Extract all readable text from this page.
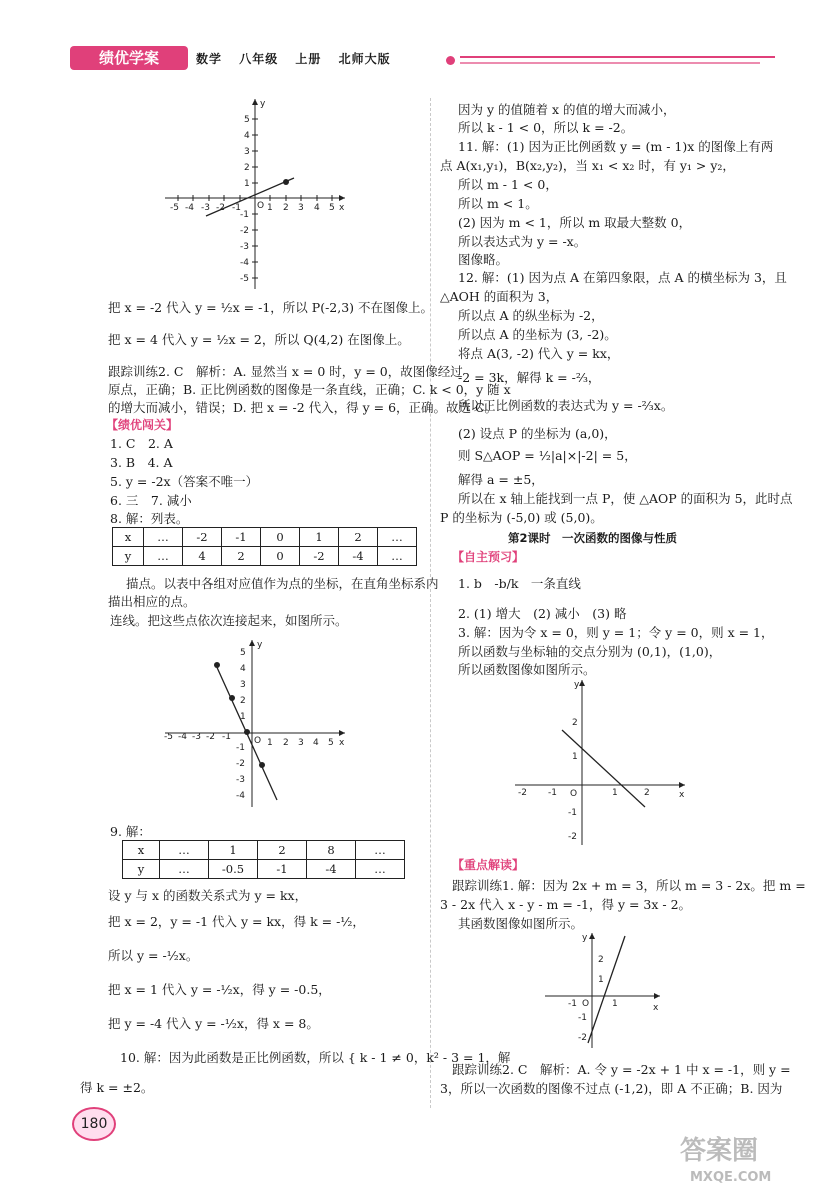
绩优学案	数学 八年级 上册 北师大版
-5 -4 -3 -2 -1	1 2 3 4 5
5
4
3
2
1
-1
-2
-3
-4
-5
O	x
y
把 x = -2 代入 y = ½x = -1，所以 P(-2,3) 不在图像上。
把 x = 4 代入 y = ½x = 2，所以 Q(4,2) 在图像上。
跟踪训练2. C　解析：A. 显然当 x = 0 时，y = 0，故图像经过
原点，正确；B. 正比例函数的图像是一条直线，正确；C. k < 0，y 随 x
的增大而减小，错误；D. 把 x = -2 代入，得 y = 6，正确。故选 C。
【绩优闯关】
1. C　2. A
3. B　4. A
5. y = -2x（答案不唯一）
6. 三　7. 减小
8. 解：列表。
x	…	-2	-1	0	1	2	…
y	…	4	2	0	-2	-4	…
描点。以表中各组对应值作为点的坐标，在直角坐标系内
描出相应的点。
连线。把这些点依次连接起来，如图所示。
-5 -4 -3 -2 -1
1 2 3 4 5
5
4
3
2
1
-1
-2
-3
-4
O	x
y
9. 解：
x	…	1	2	8	…
y	…	-0.5	-1	-4	…
设 y 与 x 的函数关系式为 y = kx，
把 x = 2，y = -1 代入 y = kx，得 k = -½，
所以 y = -½x。
把 x = 1 代入 y = -½x，得 y = -0.5，
把 y = -4 代入 y = -½x，得 x = 8。
10. 解：因为此函数是正比例函数，所以 { k - 1 ≠ 0，k² - 3 = 1，解
得 k = ±2。
因为 y 的值随着 x 的值的增大而减小，
所以 k - 1 < 0，所以 k = -2。
11. 解：(1) 因为正比例函数 y = (m - 1)x 的图像上有两
点 A(x₁,y₁)，B(x₂,y₂)，当 x₁ < x₂ 时，有 y₁ > y₂，
所以 m - 1 < 0，
所以 m < 1。
(2) 因为 m < 1，所以 m 取最大整数 0，
所以表达式为 y = -x。
图像略。
12. 解：(1) 因为点 A 在第四象限，点 A 的横坐标为 3，且
△AOH 的面积为 3，
所以点 A 的纵坐标为 -2，
所以点 A 的坐标为 (3, -2)。
将点 A(3, -2) 代入 y = kx，
-2 = 3k，解得 k = -⅔，
所以正比例函数的表达式为 y = -⅔x。
(2) 设点 P 的坐标为 (a,0)，
则 S△AOP = ½|a|×|-2| = 5，
解得 a = ±5，
所以在 x 轴上能找到一点 P，使 △AOP 的面积为 5，此时点
P 的坐标为 (-5,0) 或 (5,0)。
第2课时　一次函数的图像与性质
【自主预习】
1. b　-b/k　一条直线
2. (1) 增大　(2) 减小　(3) 略
3. 解：因为令 x = 0，则 y = 1；令 y = 0，则 x = 1，
所以函数与坐标轴的交点分别为 (0,1)，(1,0)，
所以函数图像如图所示。
-2 -1	1	2
2
1
-1
-2
O	x
y
【重点解读】
跟踪训练1. 解：因为 2x + m = 3，所以 m = 3 - 2x。把 m =
3 - 2x 代入 x - y - m = -1，得 y = 3x - 2。
其函数图像如图所示。
-1	1
2
1
-1
-2
O	x
y
跟踪训练2. C　解析：A. 令 y = -2x + 1 中 x = -1，则 y =
3，所以一次函数的图像不过点 (-1,2)，即 A 不正确；B. 因为
180
答案圈
MXQE.COM
